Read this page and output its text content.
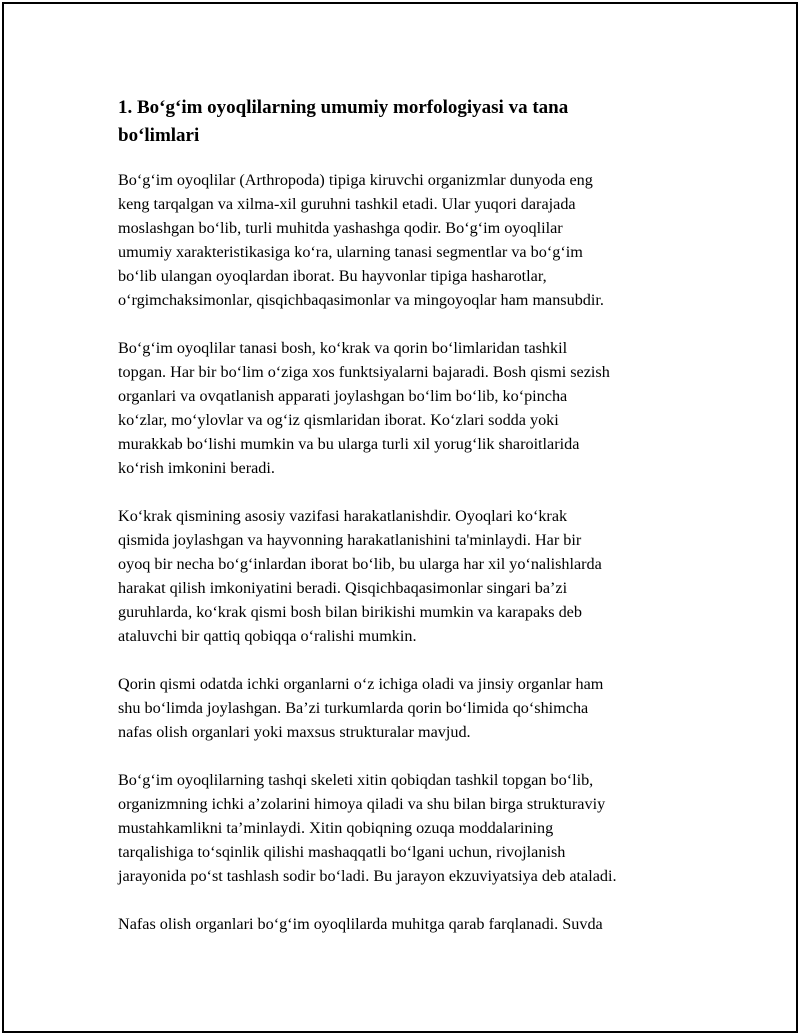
1. Bo‘g‘im oyoqlilarning umumiy morfologiyasi va tana
bo‘limlari

Bo‘g‘im oyoqlilar (Arthropoda) tipiga kiruvchi organizmlar dunyoda eng
keng tarqalgan va xilma-xil guruhni tashkil etadi. Ular yuqori darajada
moslashgan bo‘lib, turli muhitda yashashga qodir. Bo‘g‘im oyoqlilar
umumiy xarakteristikasiga ko‘ra, ularning tanasi segmentlar va bo‘g‘im
bo‘lib ulangan oyoqlardan iborat. Bu hayvonlar tipiga hasharotlar,
o‘rgimchaksimonlar, qisqichbaqasimonlar va mingoyoqlar ham mansubdir.

Bo‘g‘im oyoqlilar tanasi bosh, ko‘krak va qorin bo‘limlaridan tashkil
topgan. Har bir bo‘lim o‘ziga xos funktsiyalarni bajaradi. Bosh qismi sezish
organlari va ovqatlanish apparati joylashgan bo‘lim bo‘lib, ko‘pincha
ko‘zlar, mo‘ylovlar va og‘iz qismlaridan iborat. Ko‘zlari sodda yoki
murakkab bo‘lishi mumkin va bu ularga turli xil yorug‘lik sharoitlarida
ko‘rish imkonini beradi.

Ko‘krak qismining asosiy vazifasi harakatlanishdir. Oyoqlari ko‘krak
qismida joylashgan va hayvonning harakatlanishini ta'minlaydi. Har bir
oyoq bir necha bo‘g‘inlardan iborat bo‘lib, bu ularga har xil yo‘nalishlarda
harakat qilish imkoniyatini beradi. Qisqichbaqasimonlar singari ba’zi
guruhlarda, ko‘krak qismi bosh bilan birikishi mumkin va karapaks deb
ataluvchi bir qattiq qobiqqa o‘ralishi mumkin.

Qorin qismi odatda ichki organlarni o‘z ichiga oladi va jinsiy organlar ham
shu bo‘limda joylashgan. Ba’zi turkumlarda qorin bo‘limida qo‘shimcha
nafas olish organlari yoki maxsus strukturalar mavjud.

Bo‘g‘im oyoqlilarning tashqi skeleti xitin qobiqdan tashkil topgan bo‘lib,
organizmning ichki a’zolarini himoya qiladi va shu bilan birga strukturaviy
mustahkamlikni ta’minlaydi. Xitin qobiqning ozuqa moddalarining
tarqalishiga to‘sqinlik qilishi mashaqqatli bo‘lgani uchun, rivojlanish
jarayonida po‘st tashlash sodir bo‘ladi. Bu jarayon ekzuviyatsiya deb ataladi.

Nafas olish organlari bo‘g‘im oyoqlilarda muhitga qarab farqlanadi. Suvda
